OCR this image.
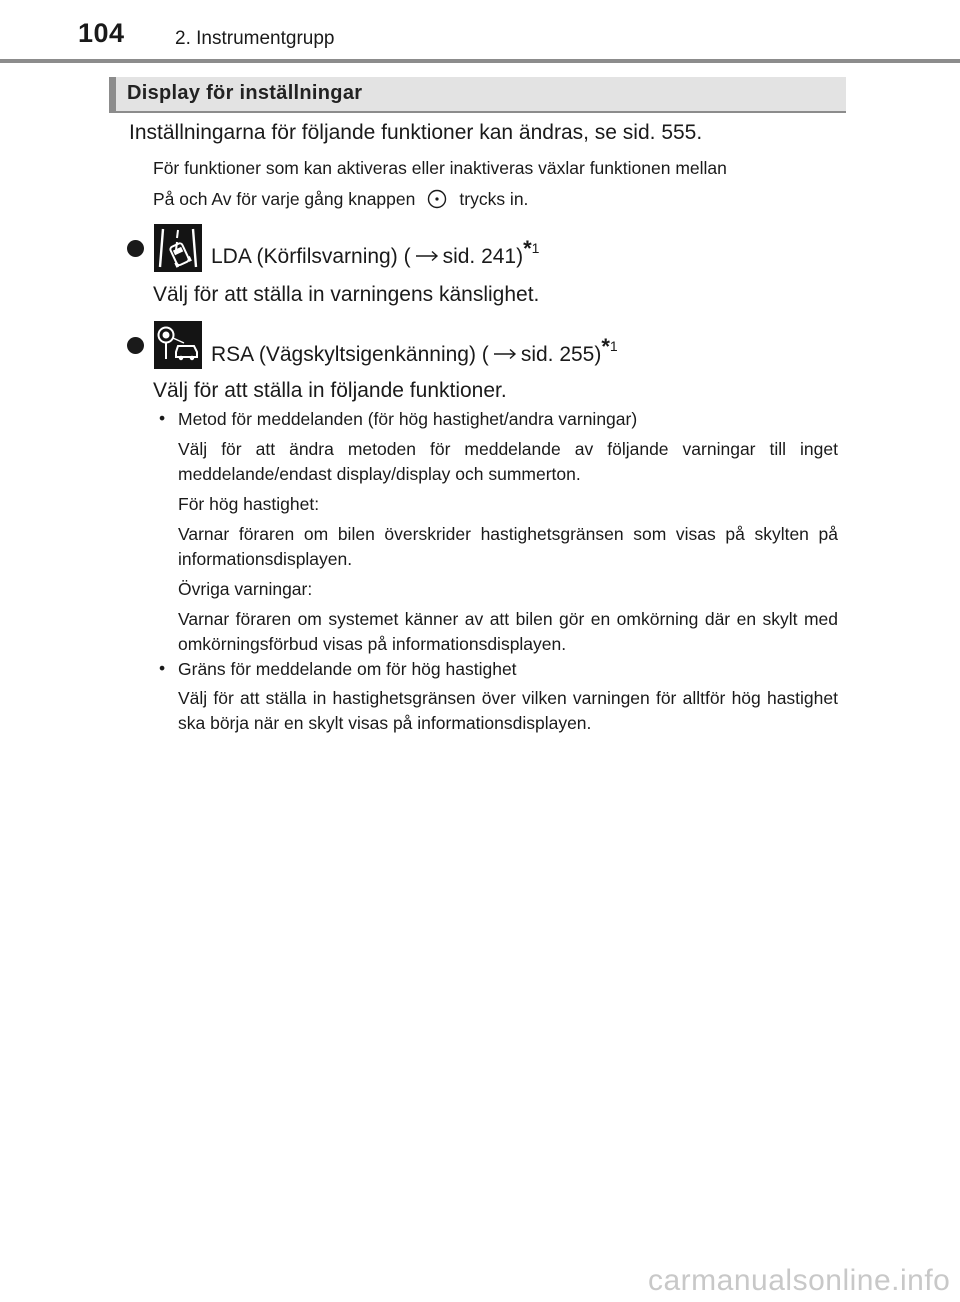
104	2. Instrumentgrupp
Display för inställningar
Inställningarna för följande funktioner kan ändras, se sid. 555.
För funktioner som kan aktiveras eller inaktiveras växlar funktionen mellan
På och Av för varje gång knappen	trycks in.
LDA (Körfilsvarning) ( sid. 241)*$^1$
Välj för att ställa in varningens känslighet.
RSA (Vägskyltsigenkänning) ( sid. 255)*$^1$
Välj för att ställa in följande funktioner.
• Metod för meddelanden (för hög hastighet/andra varningar)
Välj för att ändra metoden för meddelande av följande varningar till inget meddelande/endast display/display och summerton.
För hög hastighet:
Varnar föraren om bilen överskrider hastighetsgränsen som visas på skylten på informationsdisplayen.
Övriga varningar:
Varnar föraren om systemet känner av att bilen gör en omkörning där en skylt med omkörningsförbud visas på informationsdisplayen.
• Gräns för meddelande om för hög hastighet
Välj för att ställa in hastighetsgränsen över vilken varningen för alltför hög hastighet ska börja när en skylt visas på informationsdisplayen.
carmanualsonline.info
